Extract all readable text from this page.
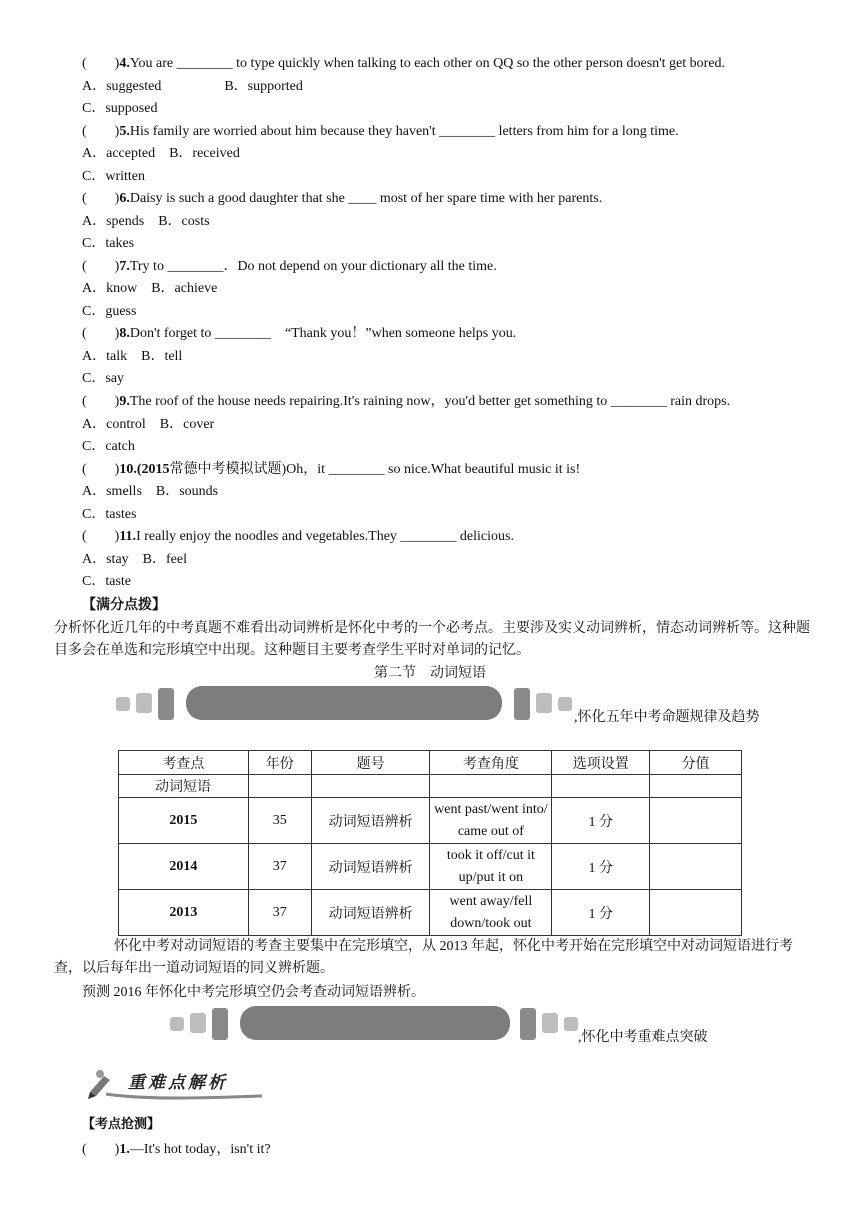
(　　)4.You are ________ to type quickly when talking to each other on QQ so the other person doesn't get bored.
A．suggested                  B．supported
C．supposed
(　　)5.His family are worried about him because they haven't ________ letters from him for a long time.
A．accepted    B．received
C．written
(　　)6.Daisy is such a good daughter that she ____ most of her spare time with her parents.
A．spends    B．costs
C．takes
(　　)7.Try to ________．Do not depend on your dictionary all the time.
A．know    B．achieve
C．guess
(　　)8.Don't forget to ________　“Thank you！”when someone helps you.
A．talk    B．tell
C．say
(　　)9.The roof of the house needs repairing.It's raining now，you'd better get something to ________ rain drops.
A．control    B．cover
C．catch
(　　)10.(2015常德中考模拟试题)Oh，it ________ so nice.What beautiful music it is!
A．smells    B．sounds
C．tastes
(　　)11.I really enjoy the noodles and vegetables.They ________ delicious.
A．stay    B．feel
C．taste
【满分点拨】
分析怀化近几年的中考真题不难看出动词辨析是怀化中考的一个必考点。主要涉及实义动词辨析，情态动词辨析等。这种题目多会在单选和完形填空中出现。这种题目主要考查学生平时对单词的记忆。
第二节　动词短语
,怀化五年中考命题规律及趋势
考查点	年份	题号	考查角度	选项设置	分值
动词短语					
2015	35	动词短语辨析	went past/went into/ came out of	1 分	
2014	37	动词短语辨析	took it off/cut it up/put it on	1 分	
2013	37	动词短语辨析	went away/fell down/took out	1 分	
怀化中考对动词短语的考查主要集中在完形填空，从 2013 年起，怀化中考开始在完形填空中对动词短语进行考查，以后每年出一道动词短语的同义辨析题。
预测 2016 年怀化中考完形填空仍会考查动词短语辨析。
,怀化中考重难点突破
重难点解析
【考点抢测】
(　　)1.—It's hot today，isn't it?
